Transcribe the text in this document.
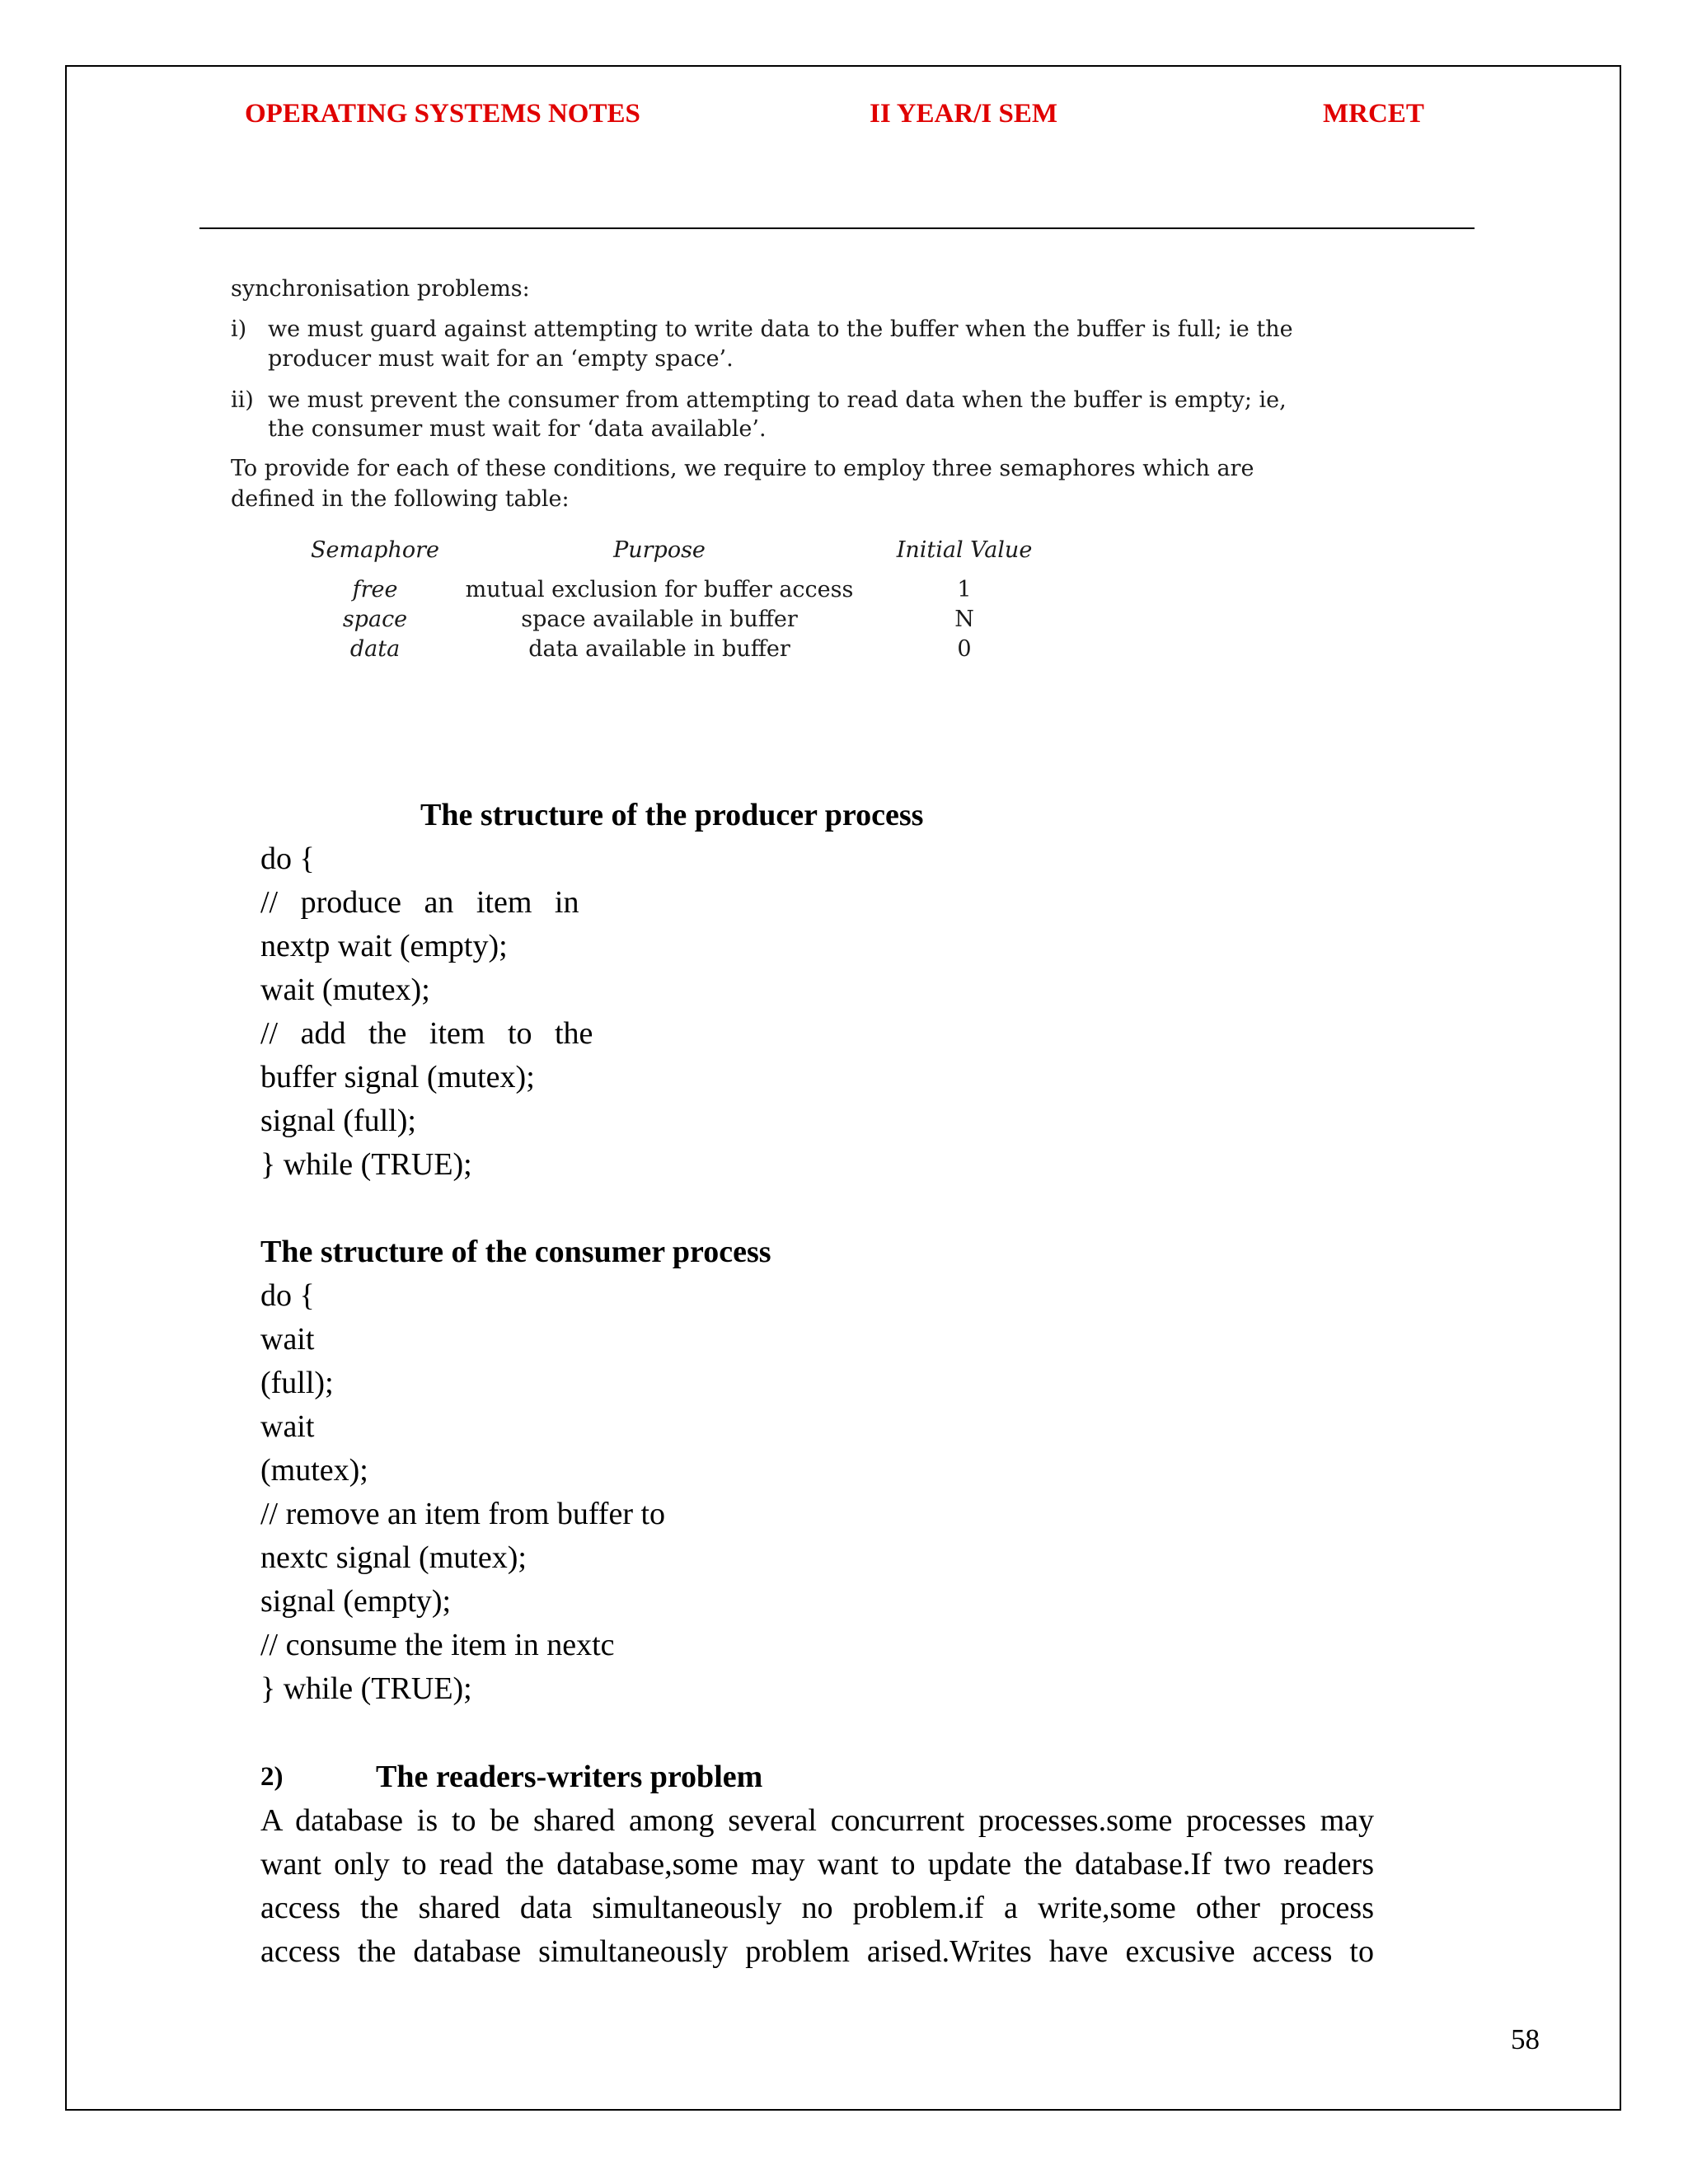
OPERATING SYSTEMS NOTES	II YEAR/I SEM	MRCET
synchronisation problems:
i) we must guard against attempting to write data to the buffer when the buffer is full; ie the
producer must wait for an ‘empty space’.
ii) we must prevent the consumer from attempting to read data when the buffer is empty; ie,
the consumer must wait for ‘data available’.
To provide for each of these conditions, we require to employ three semaphores which are
defined in the following table:
Semaphore	Purpose	Initial Value
free	mutual exclusion for buffer access	1
space	space available in buffer	N
data	data available in buffer	0
The structure of the producer process
do {
// produce an item in
nextp wait (empty);
wait (mutex);
// add the item to the
buffer signal (mutex);
signal (full);
} while (TRUE);
The structure of the consumer process
do {
wait
(full);
wait
(mutex);
// remove an item from buffer to
nextc signal (mutex);
signal (empty);
// consume the item in nextc
} while (TRUE);
2)	The readers-writers problem
A database is to be shared among several concurrent processes.some processes may
want only to read the database,some may want to update the database.If two readers
access the shared data simultaneously no problem.if a write,some other process
access the database simultaneously problem arised.Writes have excusive access to
58
